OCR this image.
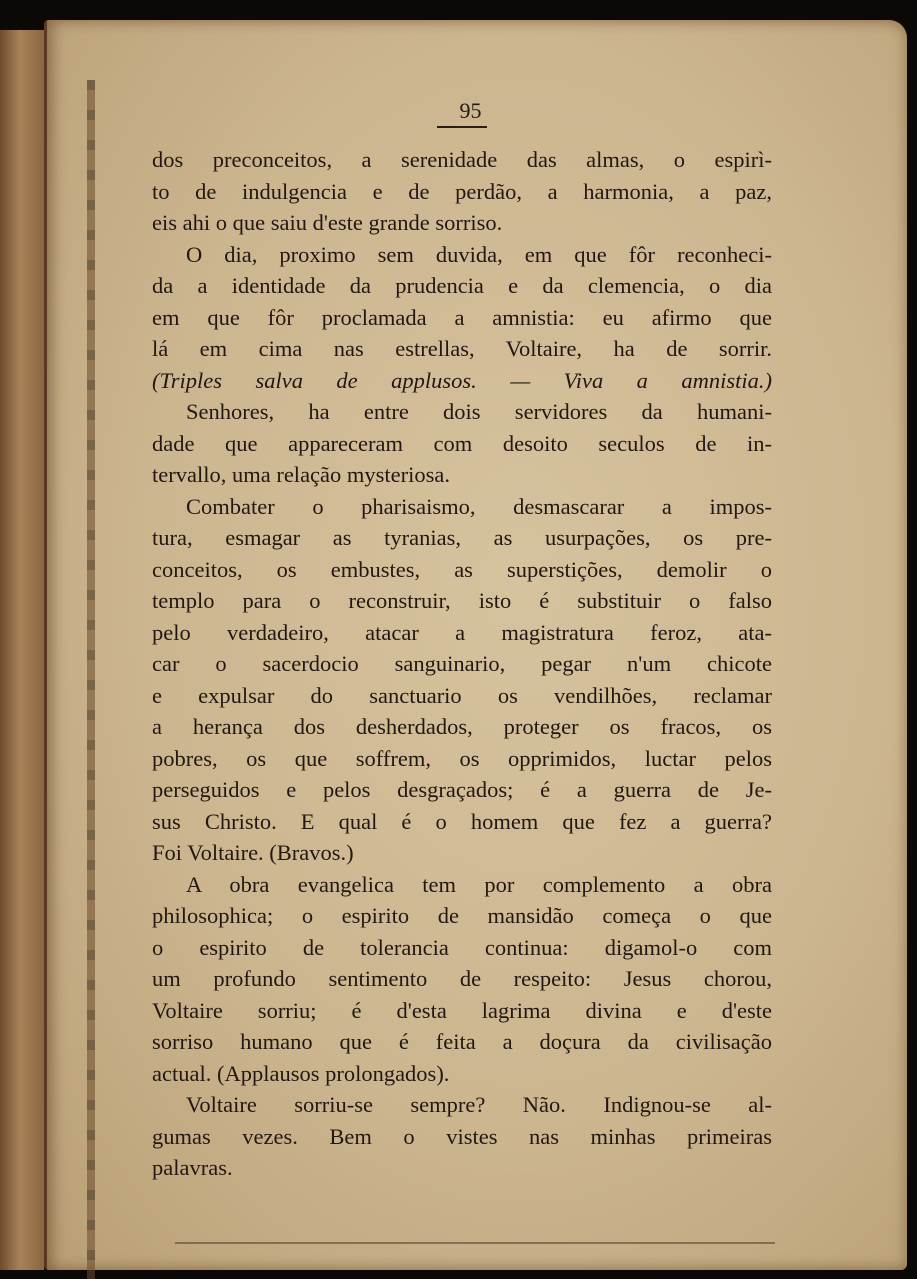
95
dos preconceitos, a serenidade das almas, o espirì-
to de indulgencia e de perdão, a harmonia, a paz,
eis ahi o que saiu d'este grande sorriso.
O dia, proximo sem duvida, em que fôr reconheci-
da a identidade da prudencia e da clemencia, o dia
em que fôr proclamada a amnistia: eu afirmo que
lá em cima nas estrellas, Voltaire, ha de sorrir.
(Triples salva de applusos. — Viva a amnistia.)
Senhores, ha entre dois servidores da humani-
dade que appareceram com desoito seculos de in-
tervallo, uma relação mysteriosa.
Combater o pharisaismo, desmascarar a impos-
tura, esmagar as tyranias, as usurpações, os pre-
conceitos, os embustes, as superstições, demolir o
templo para o reconstruir, isto é substituir o falso
pelo verdadeiro, atacar a magistratura feroz, ata-
car o sacerdocio sanguinario, pegar n'um chicote
e expulsar do sanctuario os vendilhões, reclamar
a herança dos desherdados, proteger os fracos, os
pobres, os que soffrem, os opprimidos, luctar pelos
perseguidos e pelos desgraçados; é a guerra de Je-
sus Christo. E qual é o homem que fez a guerra?
Foi Voltaire. (Bravos.)
A obra evangelica tem por complemento a obra
philosophica; o espirito de mansidão começa o que
o espirito de tolerancia continua: digamol-o com
um profundo sentimento de respeito: Jesus chorou,
Voltaire sorriu; é d'esta lagrima divina e d'este
sorriso humano que é feita a doçura da civilisação
actual. (Applausos prolongados).
Voltaire sorriu-se sempre? Não. Indignou-se al-
gumas vezes. Bem o vistes nas minhas primeiras
palavras.
